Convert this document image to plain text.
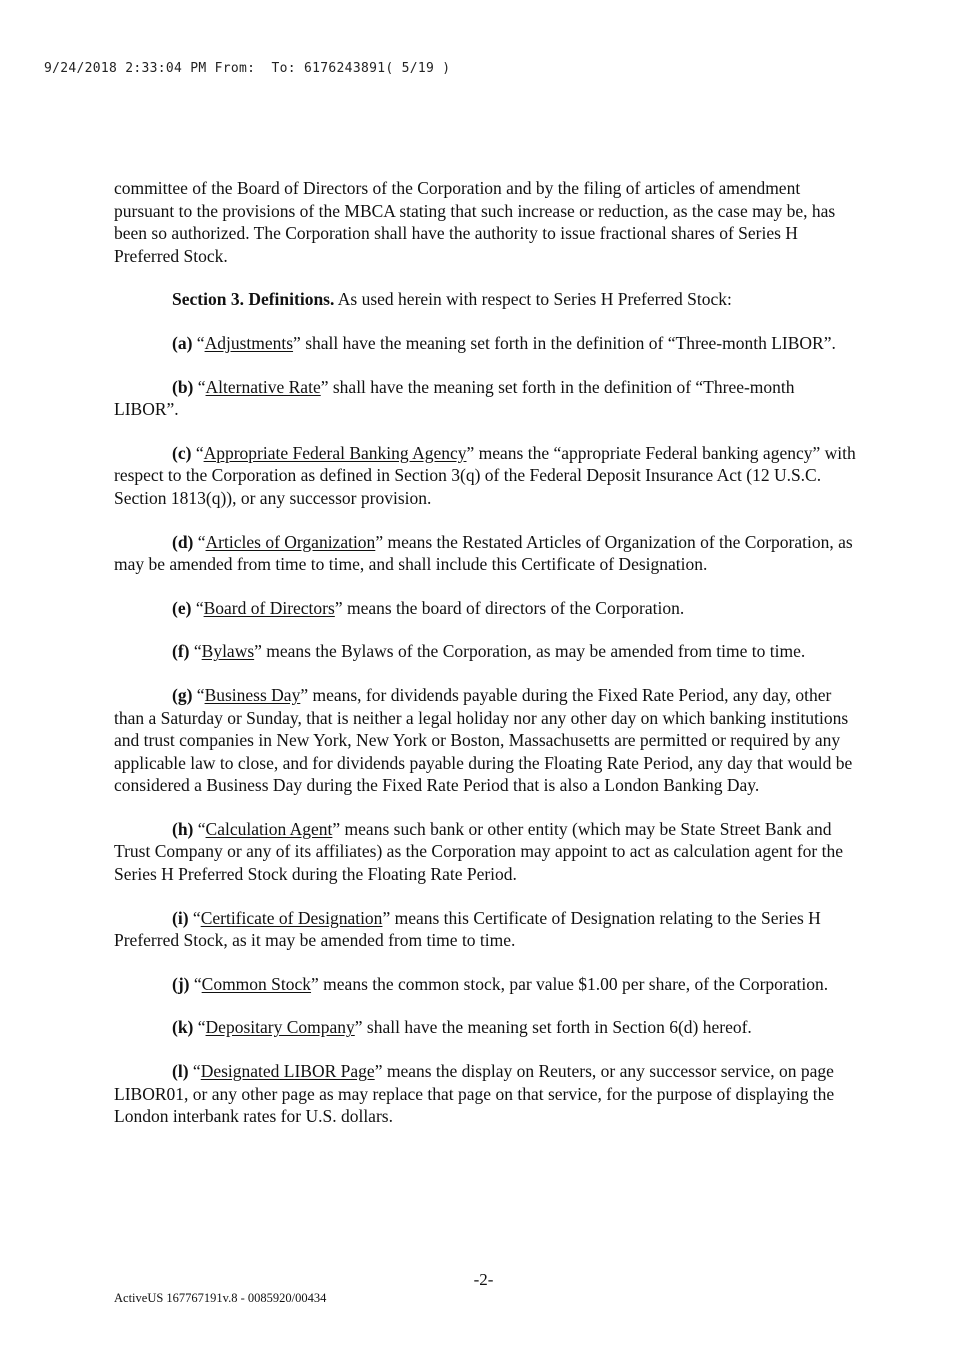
9/24/2018 2:33:04 PM From:  To: 6176243891( 5/19 )

committee of the Board of Directors of the Corporation and by the filing of articles of amendment pursuant to the provisions of the MBCA stating that such increase or reduction, as the case may be, has been so authorized. The Corporation shall have the authority to issue fractional shares of Series H Preferred Stock.

Section 3. Definitions. As used herein with respect to Series H Preferred Stock:

(a) “Adjustments” shall have the meaning set forth in the definition of “Three-month LIBOR”.

(b) “Alternative Rate” shall have the meaning set forth in the definition of “Three-month LIBOR”.

(c) “Appropriate Federal Banking Agency” means the “appropriate Federal banking agency” with respect to the Corporation as defined in Section 3(q) of the Federal Deposit Insurance Act (12 U.S.C. Section 1813(q)), or any successor provision.

(d) “Articles of Organization” means the Restated Articles of Organization of the Corporation, as may be amended from time to time, and shall include this Certificate of Designation.

(e) “Board of Directors” means the board of directors of the Corporation.

(f) “Bylaws” means the Bylaws of the Corporation, as may be amended from time to time.

(g) “Business Day” means, for dividends payable during the Fixed Rate Period, any day, other than a Saturday or Sunday, that is neither a legal holiday nor any other day on which banking institutions and trust companies in New York, New York or Boston, Massachusetts are permitted or required by any applicable law to close, and for dividends payable during the Floating Rate Period, any day that would be considered a Business Day during the Fixed Rate Period that is also a London Banking Day.

(h) “Calculation Agent” means such bank or other entity (which may be State Street Bank and Trust Company or any of its affiliates) as the Corporation may appoint to act as calculation agent for the Series H Preferred Stock during the Floating Rate Period.

(i) “Certificate of Designation” means this Certificate of Designation relating to the Series H Preferred Stock, as it may be amended from time to time.

(j) “Common Stock” means the common stock, par value $1.00 per share, of the Corporation.

(k) “Depositary Company” shall have the meaning set forth in Section 6(d) hereof.

(l) “Designated LIBOR Page” means the display on Reuters, or any successor service, on page LIBOR01, or any other page as may replace that page on that service, for the purpose of displaying the London interbank rates for U.S. dollars.

-2-
ActiveUS 167767191v.8 - 0085920/00434
